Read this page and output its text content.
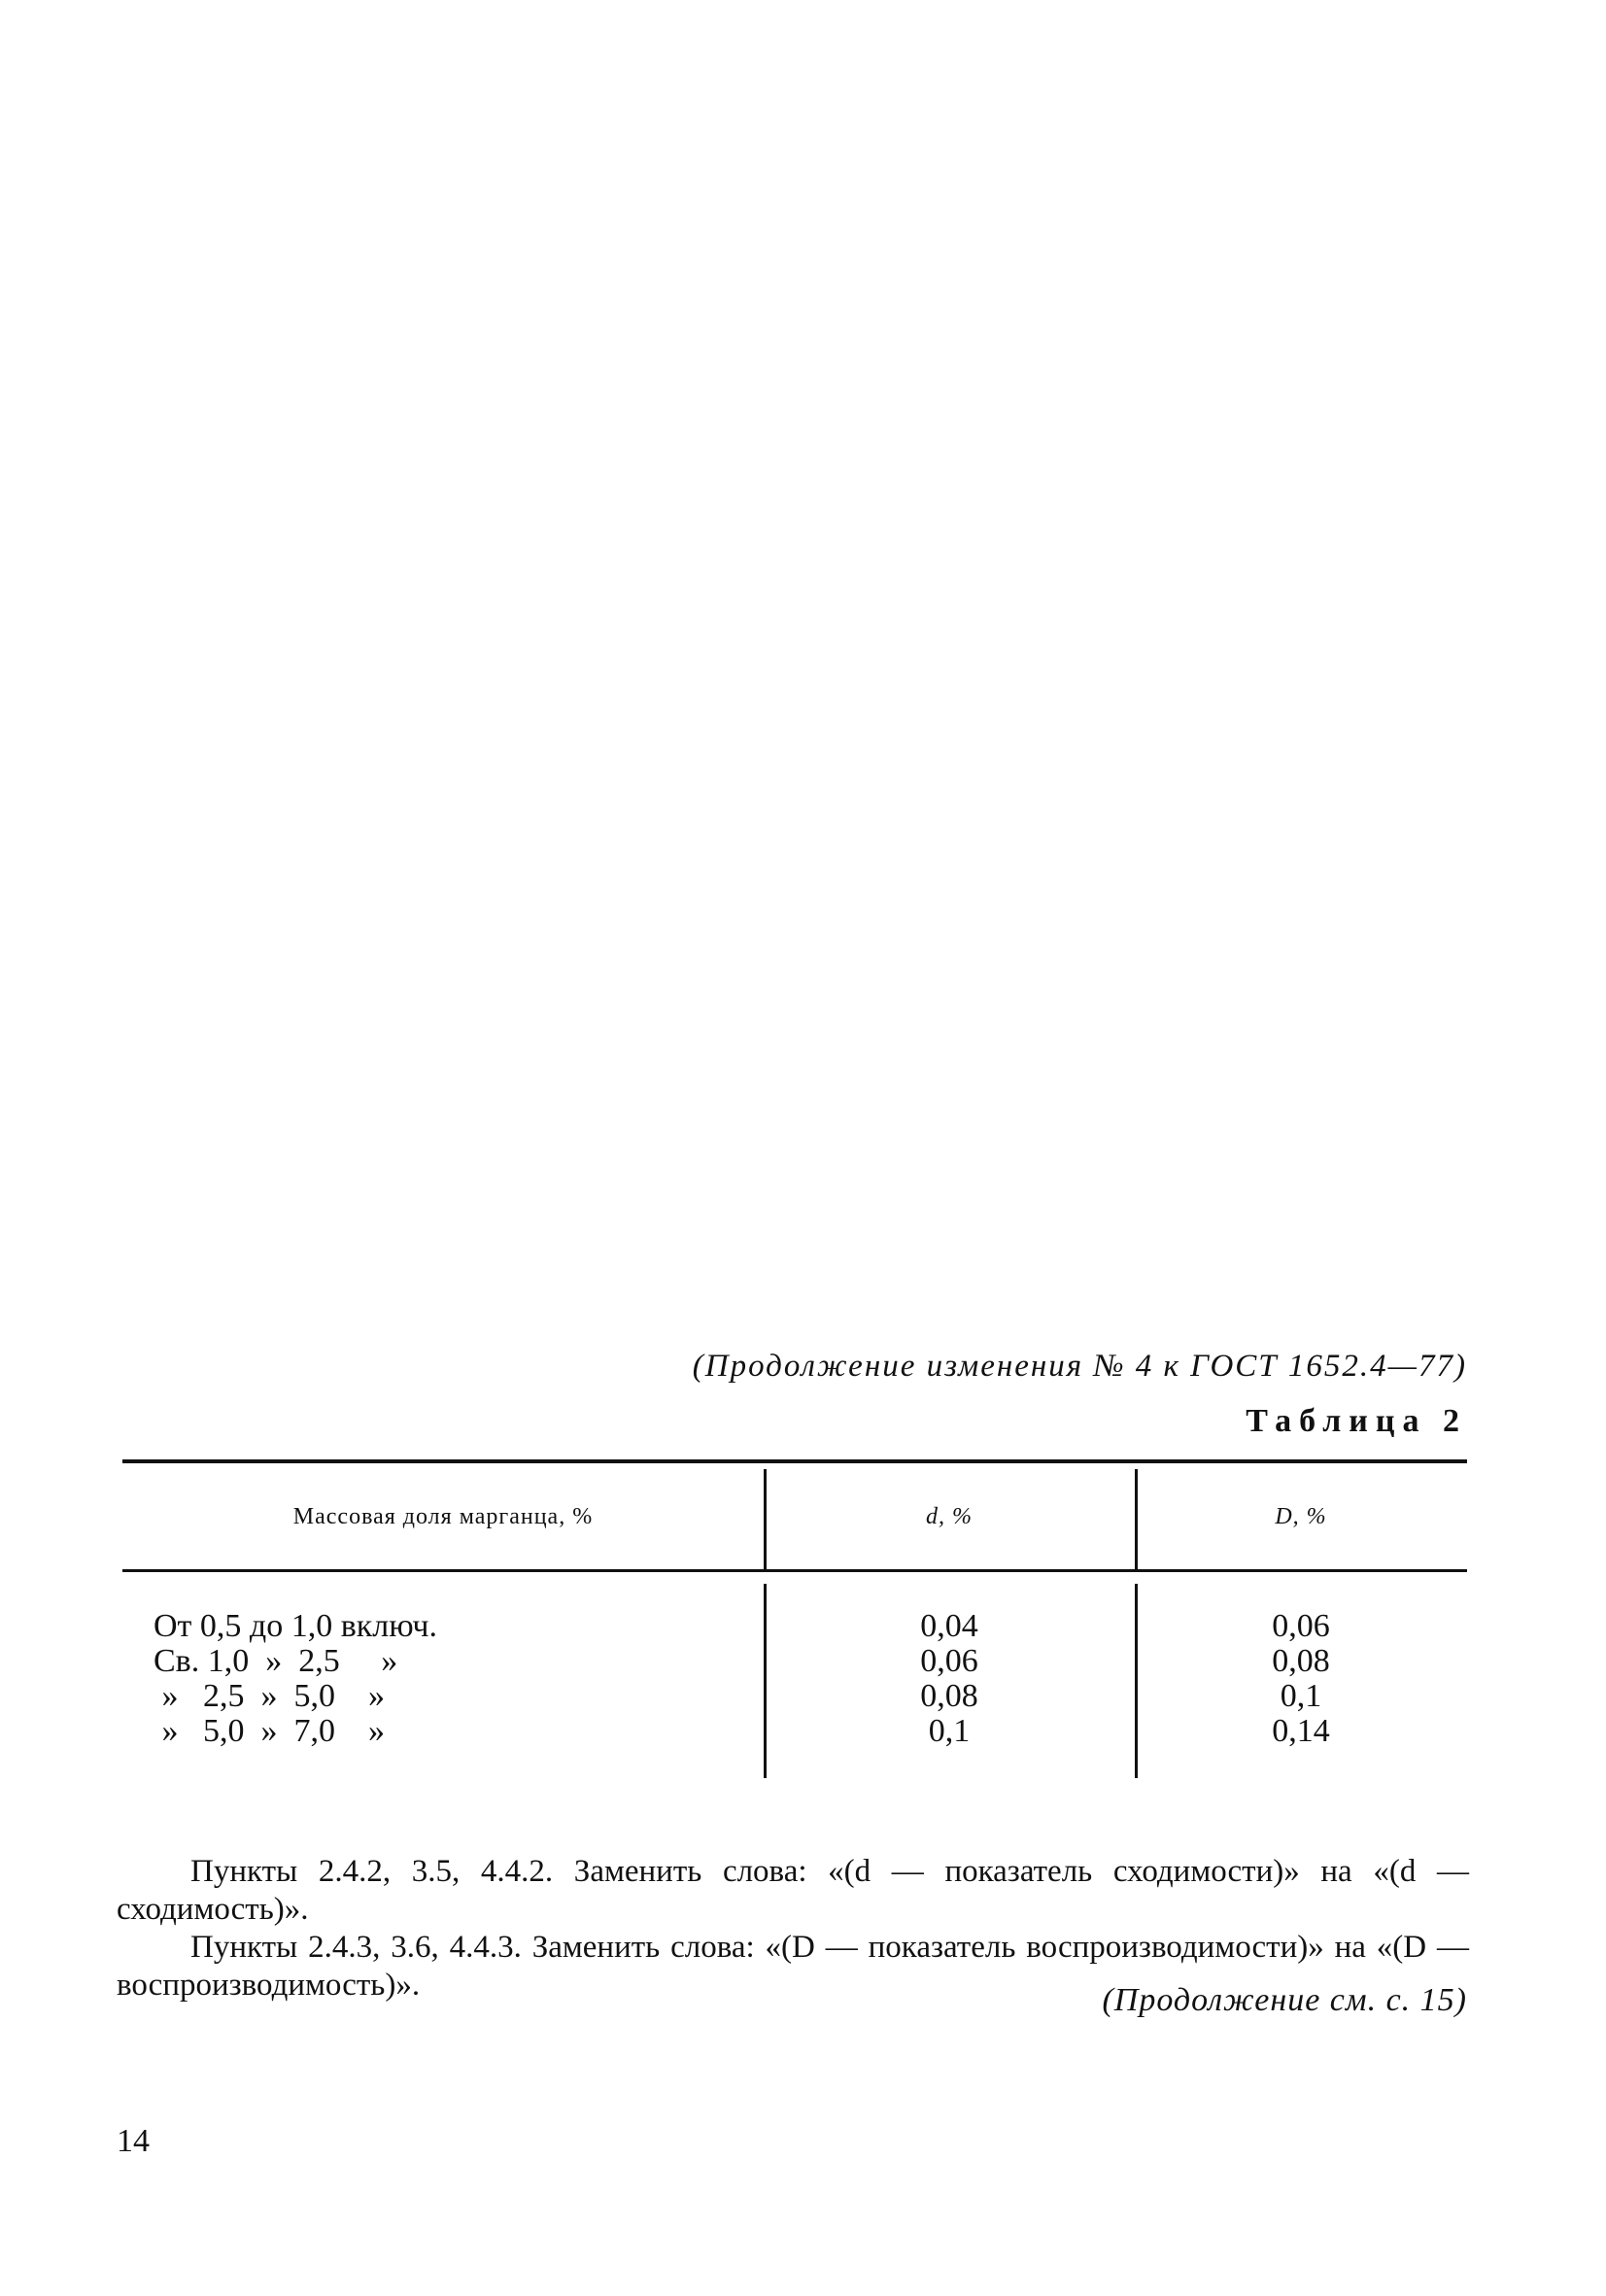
(Продолжение изменения № 4 к ГОСТ 1652.4—77)
Таблица 2
Массовая доля марганца, %	d, %	D, %
От 0,5 до 1,0 включ.	0,04	0,06
Св. 1,0  »  2,5     »	0,06	0,08
»   2,5  »  5,0    »	0,08	0,1
»   5,0  »  7,0    »	0,1	0,14

Пункты 2.4.2, 3.5, 4.4.2. Заменить слова: «(d — показатель сходимости)» на «(d — сходимость)».

Пункты 2.4.3, 3.6, 4.4.3. Заменить слова: «(D — показатель воспроизводимости)» на «(D — воспроизводимость)».	(Продолжение см. с. 15)
14
